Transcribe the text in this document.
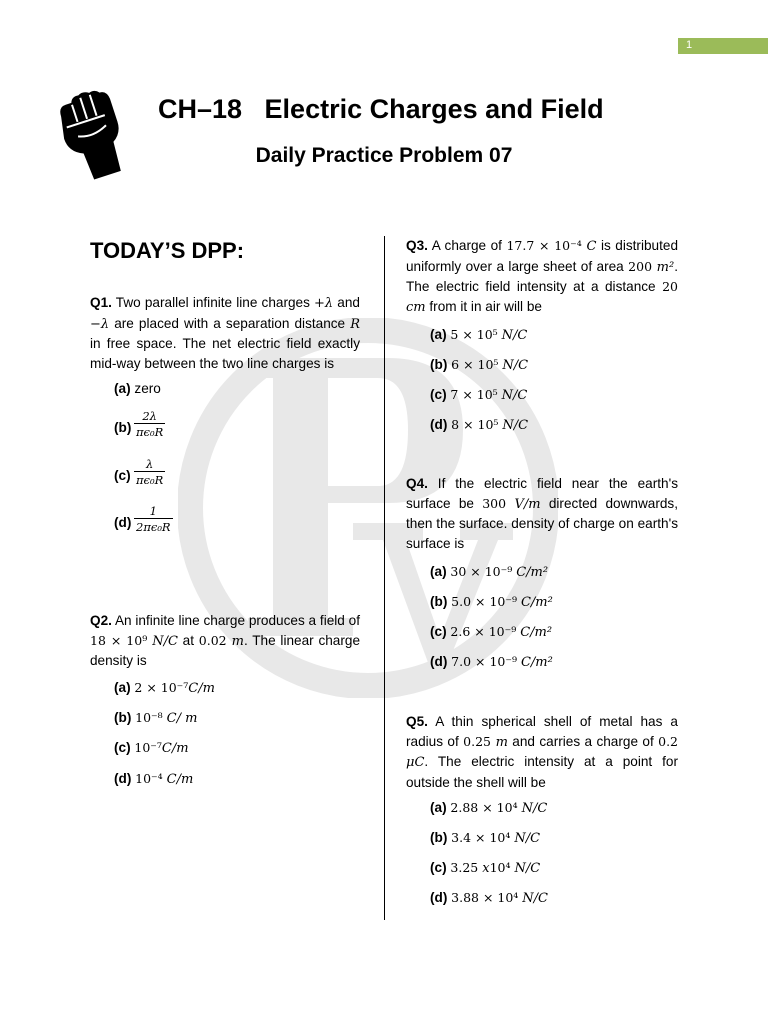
1
CH–18   Electric Charges and Field
Daily Practice Problem 07
TODAY’S DPP:
Q1. Two parallel infinite line charges +λ and −λ are placed with a separation distance R in free space. The net electric field exactly mid-way between the two line charges is
(a) zero
$(b) \frac{2\lambda}{\text{πϵ₀R}}$
$(c) \frac{\lambda}{\text{πϵ₀R}}$
$(d) \frac{1}{\text{2πϵ₀R}}$
Q2. An infinite line charge produces a field of 18 × 10⁹ N/C at 0.02 m. The linear charge density is
(a) 2 × 10⁻⁷C/m
(b) 10⁻⁸ C/ m
(c) 10⁻⁷C/m
(d) 10⁻⁴ C/m
Q3. A charge of 17.7 × 10⁻⁴ C is distributed uniformly over a large sheet of area 200 m². The electric field intensity at a distance 20 cm from it in air will be
(a) 5 × 10⁵ N/C
(b) 6 × 10⁵ N/C
(c) 7 × 10⁵ N/C
(d) 8 × 10⁵ N/C
Q4. If the electric field near the earth's surface be 300 V/m directed downwards, then the surface. density of charge on earth's surface is
(a) 30 × 10⁻⁹ C/m²
(b) 5.0 × 10⁻⁹ C/m²
(c) 2.6 × 10⁻⁹ C/m²
(d) 7.0 × 10⁻⁹ C/m²
Q5. A thin spherical shell of metal has a radius of 0.25 m and carries a charge of 0.2 μC. The electric intensity at a point for outside the shell will be
(a) 2.88 × 10⁴ N/C
(b) 3.4 × 10⁴ N/C
(c) 3.25 x10⁴ N/C
(d) 3.88 × 10⁴ N/C
